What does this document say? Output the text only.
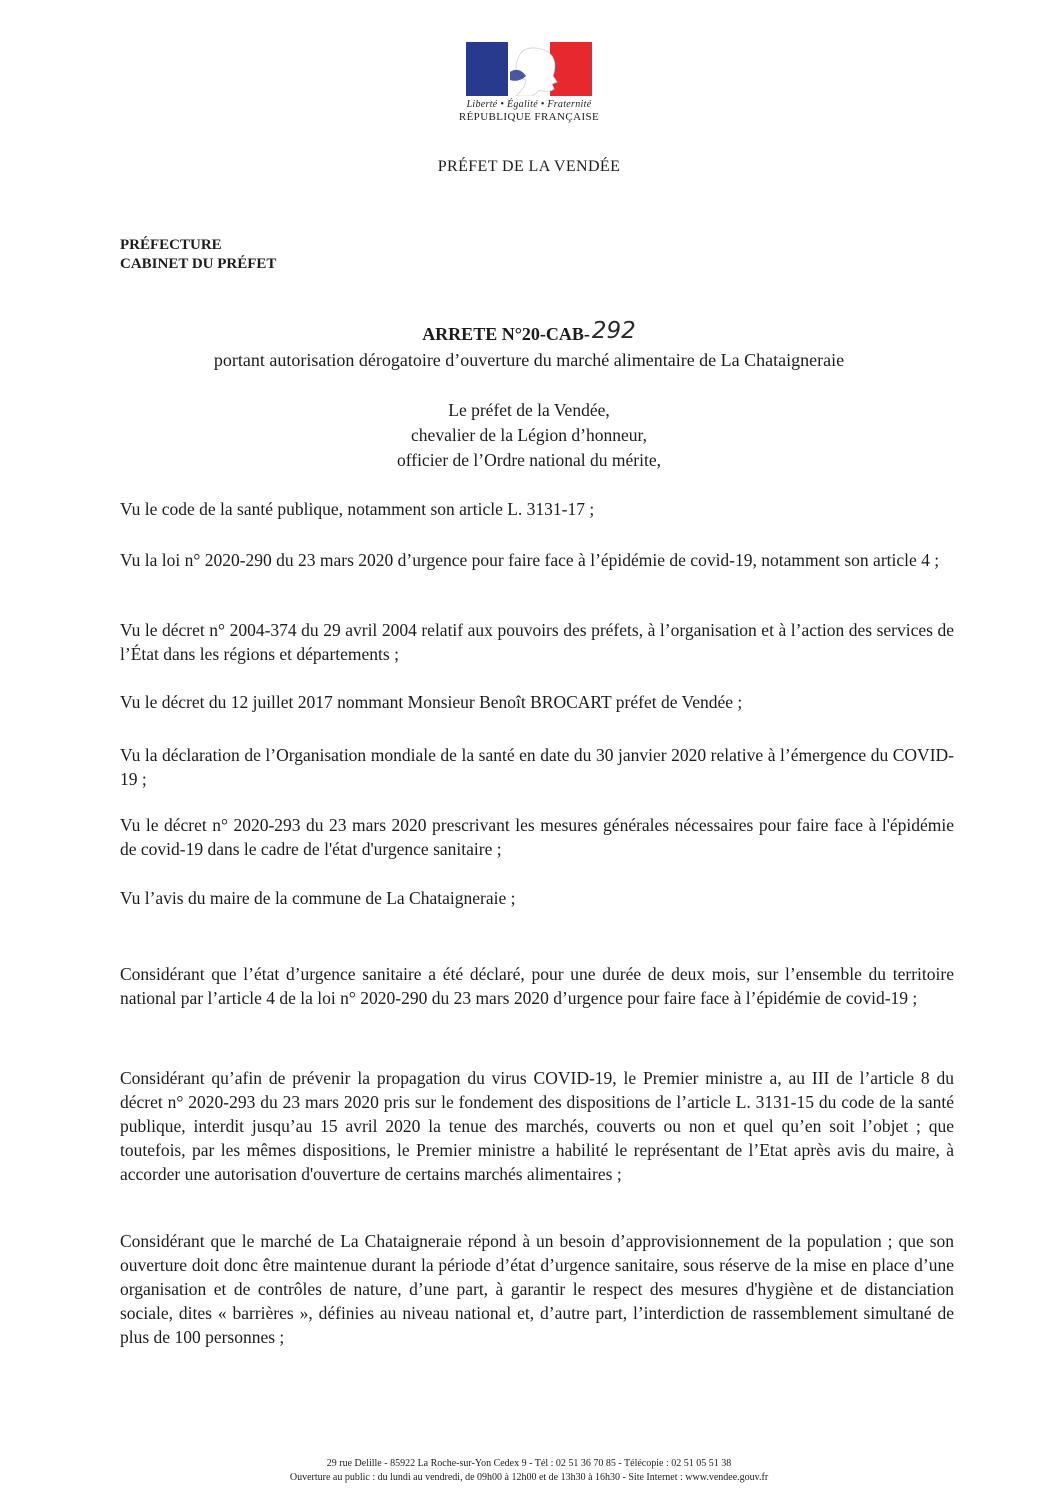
Liberté • Égalité • Fraternité
RÉPUBLIQUE FRANÇAISE
PRÉFET DE LA VENDÉE
PRÉFECTURE
CABINET DU PRÉFET
ARRETE N°20-CAB-292
portant autorisation dérogatoire d’ouverture du marché alimentaire de La Chataigneraie
Le préfet de la Vendée,
chevalier de la Légion d’honneur,
officier de l’Ordre national du mérite,
Vu le code de la santé publique, notamment son article L. 3131-17 ;
Vu la loi n° 2020-290 du 23 mars 2020 d’urgence pour faire face à l’épidémie de covid-19, notamment son article 4 ;
Vu le décret n° 2004-374 du 29 avril 2004 relatif aux pouvoirs des préfets, à l’organisation et à l’action des services de l’État dans les régions et départements ;
Vu le décret du 12 juillet 2017 nommant Monsieur Benoît BROCART préfet de Vendée ;
Vu la déclaration de l’Organisation mondiale de la santé en date du 30 janvier 2020 relative à l’émergence du COVID-19 ;
Vu le décret n° 2020-293 du 23 mars 2020 prescrivant les mesures générales nécessaires pour faire face à l'épidémie de covid-19 dans le cadre de l'état d'urgence sanitaire ;
Vu l’avis du maire de la commune de La Chataigneraie ;
Considérant que l’état d’urgence sanitaire a été déclaré, pour une durée de deux mois, sur l’ensemble du territoire national par l’article 4 de la loi n° 2020-290 du 23 mars 2020 d’urgence pour faire face à l’épidémie de covid-19 ;
Considérant qu’afin de prévenir la propagation du virus COVID-19, le Premier ministre a, au III de l’article 8 du décret n° 2020-293 du 23 mars 2020 pris sur le fondement des dispositions de l’article L. 3131-15 du code de la santé publique, interdit jusqu’au 15 avril 2020 la tenue des marchés, couverts ou non et quel qu’en soit l’objet ; que toutefois, par les mêmes dispositions, le Premier ministre a habilité le représentant de l’Etat après avis du maire, à accorder une autorisation d'ouverture de certains marchés alimentaires ;
Considérant que le marché de La Chataigneraie répond à un besoin d’approvisionnement de la population ; que son ouverture doit donc être maintenue durant la période d’état d’urgence sanitaire, sous réserve de la mise en place d’une organisation et de contrôles de nature, d’une part, à garantir le respect des mesures d'hygiène et de distanciation sociale, dites « barrières », définies au niveau national et, d’autre part, l’interdiction de rassemblement simultané de plus de 100 personnes ;
29 rue Delille - 85922 La Roche-sur-Yon Cedex 9 - Tél : 02 51 36 70 85 - Télécopie : 02 51 05 51 38
Ouverture au public : du lundi au vendredi, de 09h00 à 12h00 et de 13h30 à 16h30 - Site Internet : www.vendee.gouv.fr
